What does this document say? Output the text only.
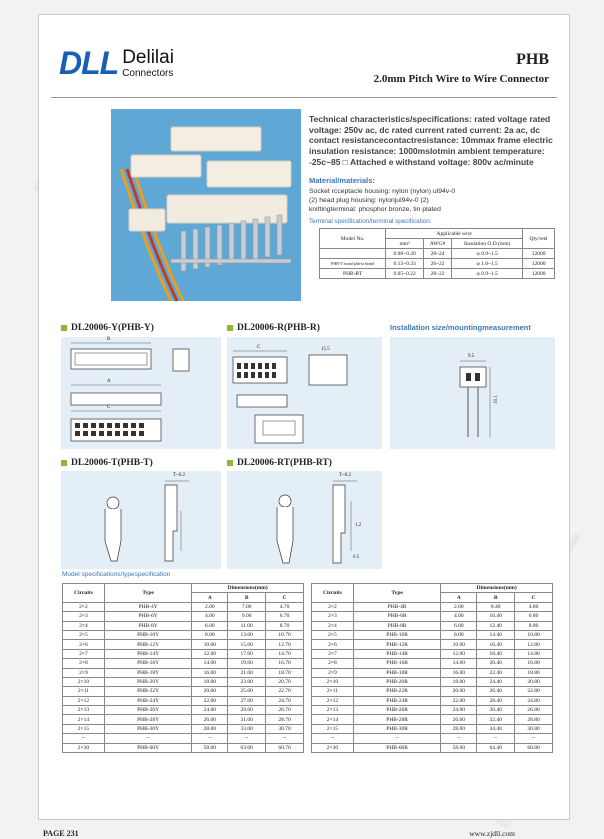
DLL Delilai
Connectors
PHB
2.0mm Pitch Wire to Wire Connector
Technical characteristics/specifications: rated voltage rated voltage: 250v ac, dc rated current rated current: 2a ac, dc contact resistancecontactresistance: 10mmax frame electric insulation resistance: 1000mslotmin ambient temperature: -25c~85 □ Attached e withstand voltage: 800v ac/minute
Material/materials:
Socket rcceptacle housing: nylon (nylon) ul94v-0
(2) head plug housing: nylonjul94v-0 (2)
knittingterminal: phosphor bronze, tin plated
Terminal specification/terminal specification:
Model No.	Applicable wire			Qty/reel
	mm²	AWG#	Insulation O.D.(mm)	
	0.08~0.20	28~24	φ 0.9~1.5	12000
PHB-T brand phb-ta brand	0.13~0.33	26~22	φ 1.0~1.5	12000
PHB-RT	0.05~0.22	28~22	φ 0.9~1.5	12000
DL20006-Y(PHB-Y)	DL20006-R(PHB-R)	Installation size/mountingmeasurement
B
A
C
C	15.5
9.5
10.1
DL20006-T(PHB-T)	DL20006-RT(PHB-RT)
T~0.2	T~0.2
1.2
0.5
Model specifications/typespecification
Circuits	Type	Dimensions(mm)		
		A	B	C
2×2	PHB-4Y	2.00	7.00	4.70
2×3	PHB-6Y	4.00	9.00	6.70
2×4	PHB-8Y	6.00	11.00	8.70
2×5	PHB-10Y	8.00	13.00	10.70
2×6	PHB-12Y	10.00	15.00	12.70
2×7	PHB-14Y	12.00	17.00	14.70
2×8	PHB-16Y	14.00	19.00	16.70
2×9	PHB-18Y	16.00	21.00	18.70
2×10	PHB-20Y	18.00	23.00	20.70
2×11	PHB-22Y	20.00	25.00	22.70
2×12	PHB-24Y	22.00	27.00	24.70
2×13	PHB-26Y	24.00	29.00	26.70
2×14	PHB-28Y	26.00	31.00	28.70
2×15	PHB-30Y	28.00	33.00	30.70
~	~	~	~	~
2×30	PHB-60Y	58.00	63.00	60.70
Circuits	Type	Dimensions(mm)		
		A	B	C
2×2	PHB-4R	2.00	8.40	4.80
2×3	PHB-6R	4.00	10.40	6.80
2×4	PHB-8R	6.00	12.40	8.80
2×5	PHB-10R	8.00	14.40	10.80
2×6	PHB-12R	10.00	16.40	12.80
2×7	PHB-14R	12.00	18.40	14.80
2×8	PHB-16R	14.00	20.40	16.80
2×9	PHB-18R	16.00	22.40	18.80
2×10	PHB-20R	18.00	24.40	20.80
2×11	PHB-22R	20.00	26.40	22.80
2×12	PHB-24R	22.00	28.40	24.80
2×13	PHB-26R	24.00	30.40	26.80
2×14	PHB-28R	26.00	32.40	28.80
2×15	PHB-30R	28.00	34.40	30.80
~	~	~	~	~
2×30	PHB-60R	58.00	64.40	60.80
PAGE 231	www.zjdll.com
